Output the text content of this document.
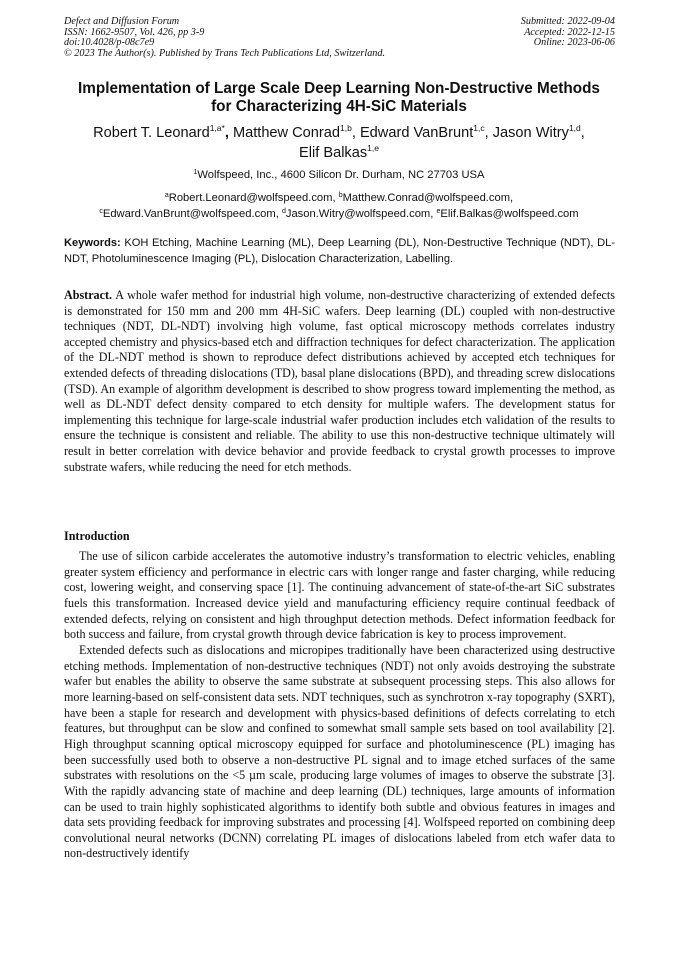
Defect and Diffusion Forum
ISSN: 1662-9507, Vol. 426, pp 3-9
doi:10.4028/p-08c7e9
© 2023 The Author(s). Published by Trans Tech Publications Ltd, Switzerland.
Submitted: 2022-09-04
Accepted: 2022-12-15
Online: 2023-06-06
Implementation of Large Scale Deep Learning Non-Destructive Methods
for Characterizing 4H-SiC Materials
Robert T. Leonard$^{1,a*}$, Matthew Conrad$^{1,b}$, Edward VanBrunt$^{1,c}$, Jason Witry$^{1,d}$,
Elif Balkas$^{1,e}$
$^1$Wolfspeed, Inc., 4600 Silicon Dr. Durham, NC 27703 USA
$^a$Robert.Leonard@wolfspeed.com, $^b$Matthew.Conrad@wolfspeed.com,
$^c$Edward.VanBrunt@wolfspeed.com, $^d$Jason.Witry@wolfspeed.com, $^e$Elif.Balkas@wolfspeed.com
Keywords: KOH Etching, Machine Learning (ML), Deep Learning (DL), Non-Destructive Technique (NDT), DL-NDT, Photoluminescence Imaging (PL), Dislocation Characterization, Labelling.
Abstract. A whole wafer method for industrial high volume, non-destructive characterizing of extended defects is demonstrated for 150 mm and 200 mm 4H-SiC wafers. Deep learning (DL) coupled with non-destructive techniques (NDT, DL-NDT) involving high volume, fast optical microscopy methods correlates industry accepted chemistry and physics-based etch and diffraction techniques for defect characterization. The application of the DL-NDT method is shown to reproduce defect distributions achieved by accepted etch techniques for extended defects of threading dislocations (TD), basal plane dislocations (BPD), and threading screw dislocations (TSD). An example of algorithm development is described to show progress toward implementing the method, as well as DL-NDT defect density compared to etch density for multiple wafers. The development status for implementing this technique for large-scale industrial wafer production includes etch validation of the results to ensure the technique is consistent and reliable. The ability to use this non-destructive technique ultimately will result in better correlation with device behavior and provide feedback to crystal growth processes to improve substrate wafers, while reducing the need for etch methods.
Introduction

The use of silicon carbide accelerates the automotive industry’s transformation to electric vehicles, enabling greater system efficiency and performance in electric cars with longer range and faster charging, while reducing cost, lowering weight, and conserving space [1]. The continuing advancement of state-of-the-art SiC substrates fuels this transformation. Increased device yield and manufacturing efficiency require continual feedback of extended defects, relying on consistent and high throughput detection methods. Defect information feedback for both success and failure, from crystal growth through device fabrication is key to process improvement.

Extended defects such as dislocations and micropipes traditionally have been characterized using destructive etching methods. Implementation of non-destructive techniques (NDT) not only avoids destroying the substrate wafer but enables the ability to observe the same substrate at subsequent processing steps. This also allows for more learning-based on self-consistent data sets. NDT techniques, such as synchrotron x-ray topography (SXRT), have been a staple for research and development with physics-based definitions of defects correlating to etch features, but throughput can be slow and confined to somewhat small sample sets based on tool availability [2]. High throughput scanning optical microscopy equipped for surface and photoluminescence (PL) imaging has been successfully used both to observe a non-destructive PL signal and to image etched surfaces of the same substrates with resolutions on the <5 µm scale, producing large volumes of images to observe the substrate [3]. With the rapidly advancing state of machine and deep learning (DL) techniques, large amounts of information can be used to train highly sophisticated algorithms to identify both subtle and obvious features in images and data sets providing feedback for improving substrates and processing [4]. Wolfspeed reported on combining deep convolutional neural networks (DCNN) correlating PL images of dislocations labeled from etch wafer data to non-destructively identify
